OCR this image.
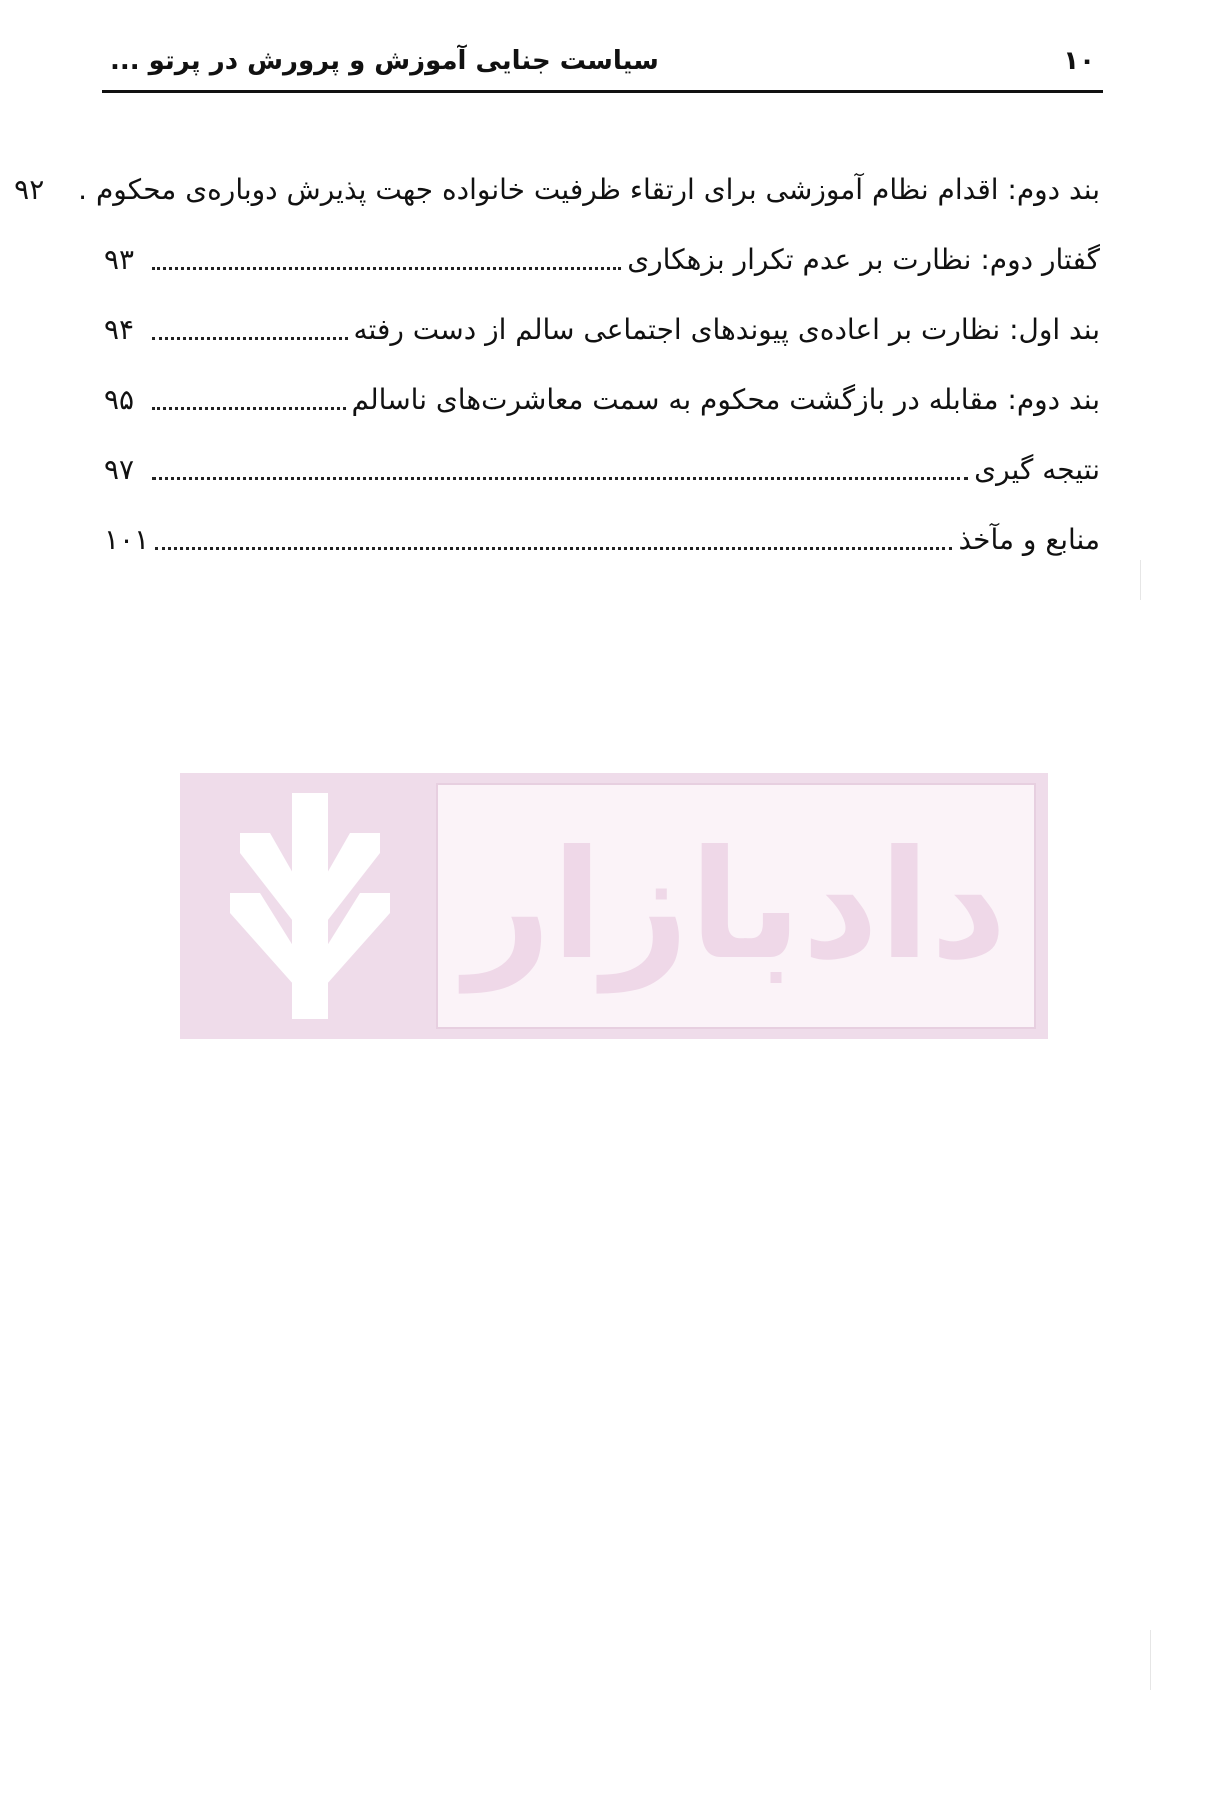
۱۰
سیاست جنایی آموزش و پرورش در پرتو ...
بند دوم: اقدام نظام آموزشی برای ارتقاء ظرفیت خانواده جهت پذیرش دوباره‌ی محکوم .
۹۲
گفتار دوم: نظارت بر عدم تکرار بزهکاری
۹۳
بند اول: نظارت بر اعاده‌ی پیوندهای اجتماعی سالم از دست رفته
۹۴
بند دوم: مقابله در بازگشت محکوم به سمت معاشرت‌های ناسالم
۹۵
نتیجه گیری
۹۷
منابع و مآخذ
۱۰۱
دادبازار
